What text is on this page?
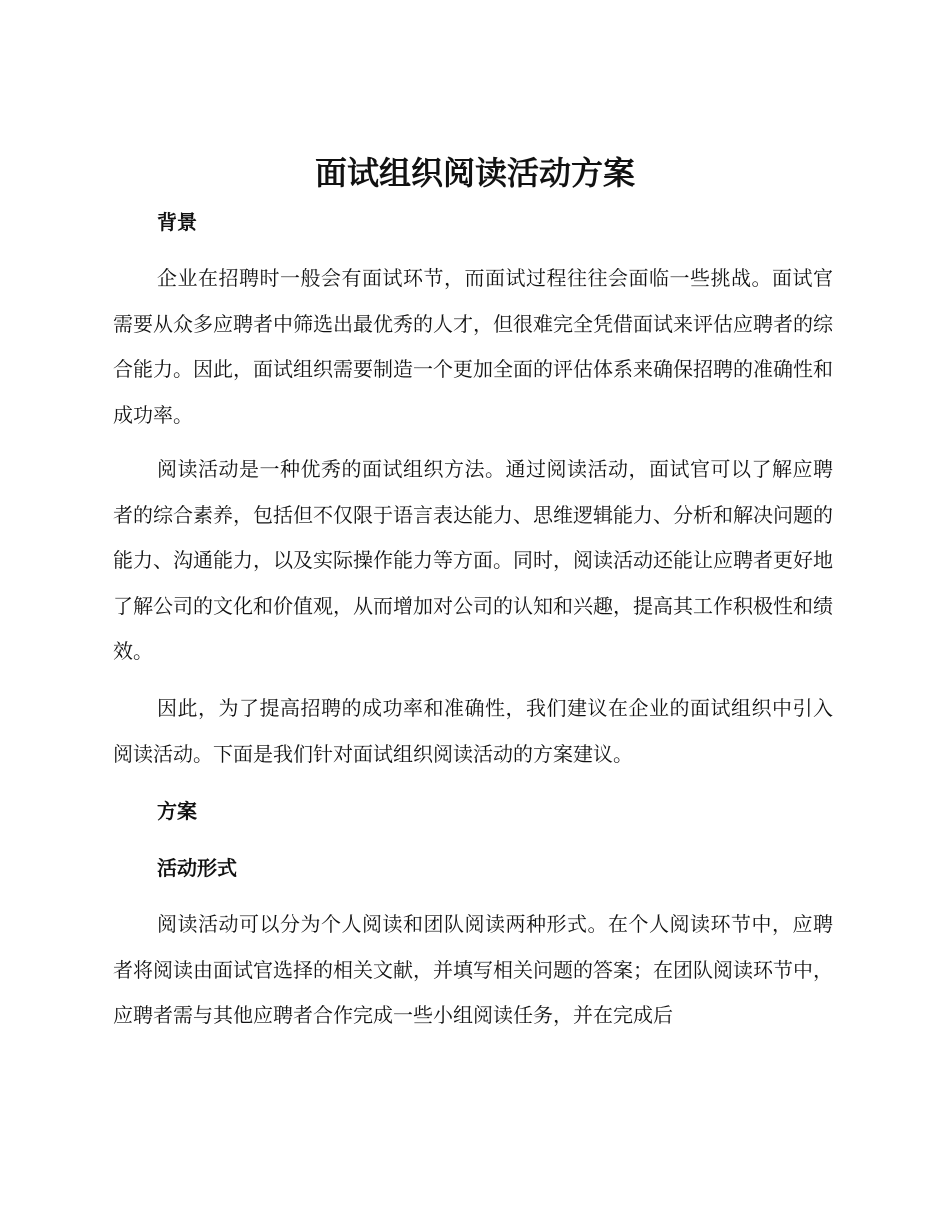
面试组织阅读活动方案
背景
企业在招聘时一般会有面试环节，而面试过程往往会面临一些挑战。面试官需要从众多应聘者中筛选出最优秀的人才，但很难完全凭借面试来评估应聘者的综合能力。因此，面试组织需要制造一个更加全面的评估体系来确保招聘的准确性和成功率。
阅读活动是一种优秀的面试组织方法。通过阅读活动，面试官可以了解应聘者的综合素养，包括但不仅限于语言表达能力、思维逻辑能力、分析和解决问题的能力、沟通能力，以及实际操作能力等方面。同时，阅读活动还能让应聘者更好地了解公司的文化和价值观，从而增加对公司的认知和兴趣，提高其工作积极性和绩效。
因此，为了提高招聘的成功率和准确性，我们建议在企业的面试组织中引入阅读活动。下面是我们针对面试组织阅读活动的方案建议。
方案
活动形式
阅读活动可以分为个人阅读和团队阅读两种形式。在个人阅读环节中，应聘者将阅读由面试官选择的相关文献，并填写相关问题的答案；在团队阅读环节中，应聘者需与其他应聘者合作完成一些小组阅读任务，并在完成后
